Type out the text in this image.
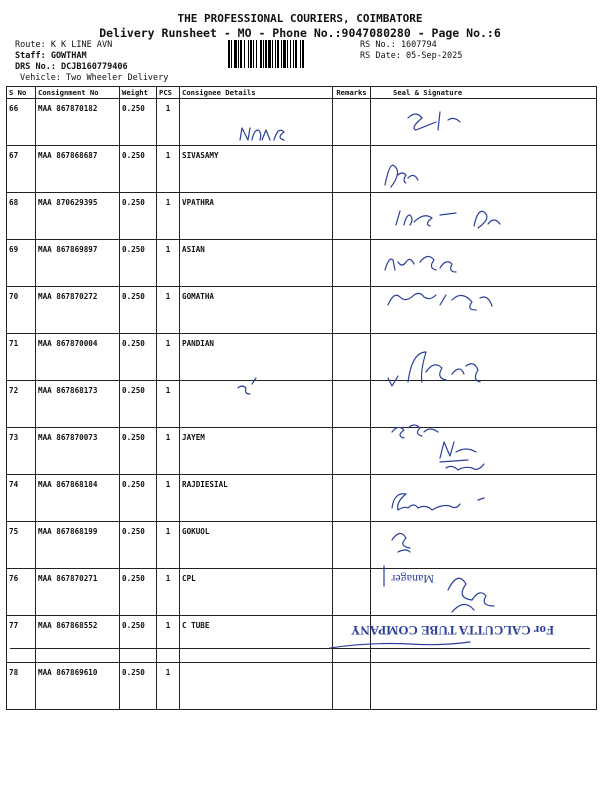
THE PROFESSIONAL COURIERS, COIMBATORE
Delivery Runsheet - MO - Phone No.:9047080280 - Page No.:6
Route: K K LINE AVN
Staff: GOWTHAM
DRS No.: DCJB160779406
Vehicle: Two Wheeler Delivery
RS No.: 1607794
RS Date: 05-Sep-2025
S No	Consignment No	Weight	PCS	Consignee Details	Remarks	Seal & Signature
66	MAA 867870182	0.250	1			
67	MAA 867868687	0.250	1	SIVASAMY		
68	MAA 870629395	0.250	1	VPATHRA		
69	MAA 867869897	0.250	1	ASIAN		
70	MAA 867870272	0.250	1	GOMATHA		
71	MAA 867870004	0.250	1	PANDIAN		
72	MAA 867868173	0.250	1			
73	MAA 867870073	0.250	1	JAYEM		
74	MAA 867868184	0.250	1	RAJDIESIAL		
75	MAA 867868199	0.250	1	GOKUOL		
76	MAA 867870271	0.250	1	CPL		
77	MAA 867868552	0.250	1	C TUBE		
78	MAA 867869610	0.250	1			
For CALCUTTA TUBE COMPANY
Manager
